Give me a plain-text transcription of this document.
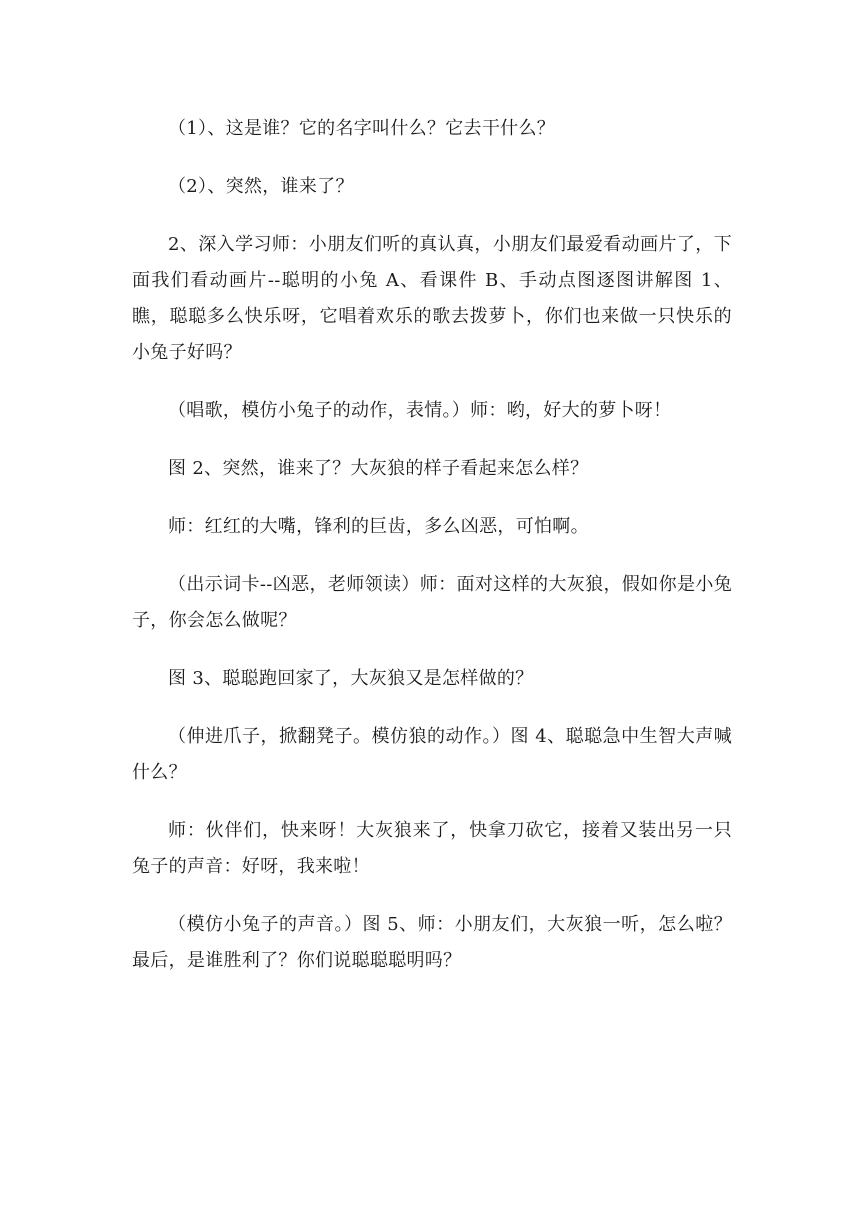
（1）、这是谁？它的名字叫什么？它去干什么？

（2）、突然，谁来了？

2、深入学习师：小朋友们听的真认真，小朋友们最爱看动画片了，下面我们看动画片--聪明的小兔 A、看课件 B、手动点图逐图讲解图 1、瞧，聪聪多么快乐呀，它唱着欢乐的歌去拨萝卜，你们也来做一只快乐的小兔子好吗？

（唱歌，模仿小兔子的动作，表情。）师：哟，好大的萝卜呀！

图 2、突然，谁来了？大灰狼的样子看起来怎么样？

师：红红的大嘴，锋利的巨齿，多么凶恶，可怕啊。

（出示词卡--凶恶，老师领读）师：面对这样的大灰狼，假如你是小兔子，你会怎么做呢？

图 3、聪聪跑回家了，大灰狼又是怎样做的？

（伸进爪子，掀翻凳子。模仿狼的动作。）图 4、聪聪急中生智大声喊什么？

师：伙伴们，快来呀！大灰狼来了，快拿刀砍它，接着又装出另一只兔子的声音：好呀，我来啦！

（模仿小兔子的声音。）图 5、师：小朋友们，大灰狼一听，怎么啦？最后，是谁胜利了？你们说聪聪聪明吗？
